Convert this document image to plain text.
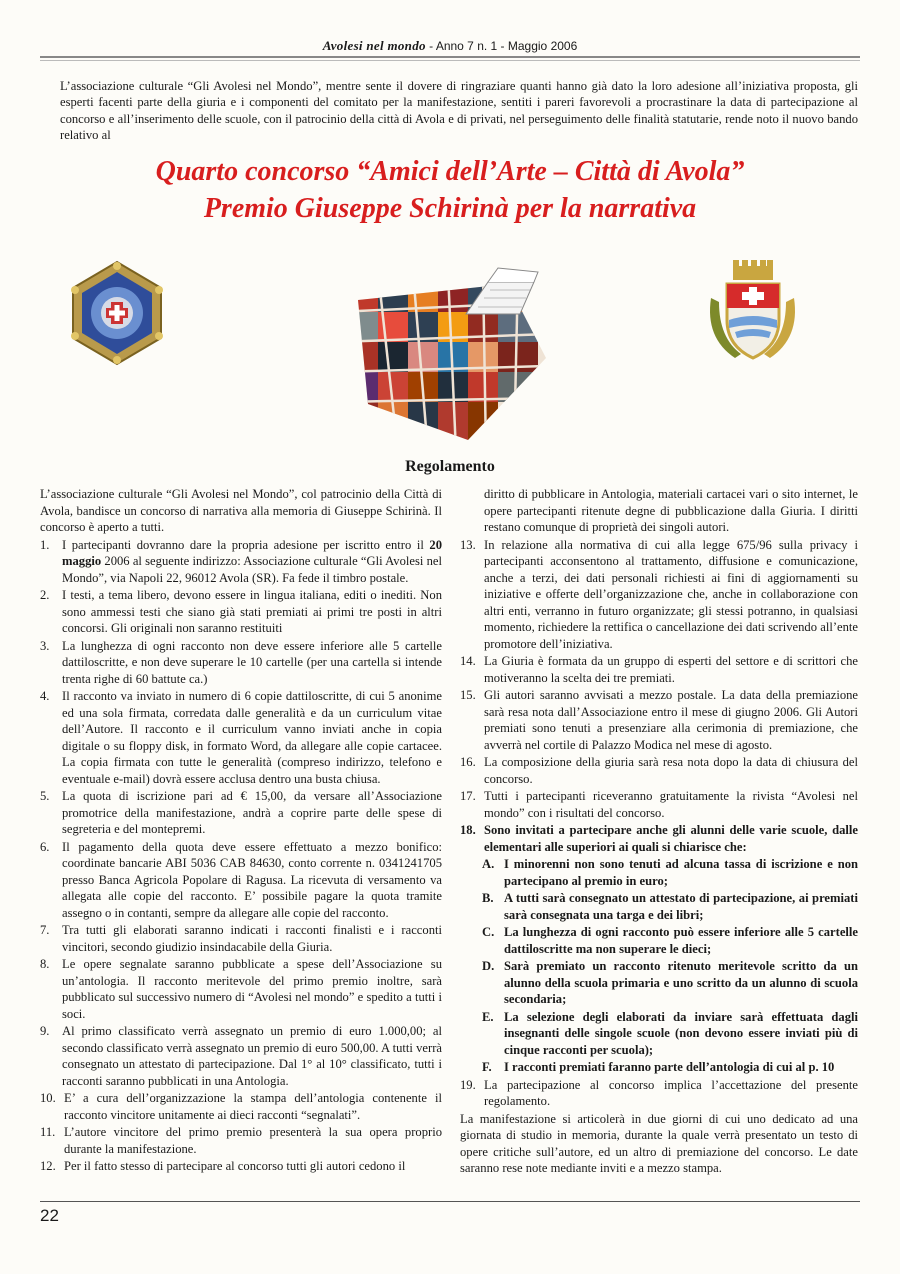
Avolesi nel mondo - Anno 7 n. 1 - Maggio 2006

L’associazione culturale “Gli Avolesi nel Mondo”, mentre sente il dovere di ringraziare quanti hanno già dato la loro adesione all’iniziativa proposta, gli esperti facenti parte della giuria e i componenti del comitato per la manifestazione, sentiti i pareri favorevoli a procrastinare la data di partecipazione al concorso e all’inserimento delle scuole, con il patrocinio della città di Avola e di privati, nel perseguimento delle finalità statutarie, rende noto il nuovo bando relativo al

Quarto concorso “Amici dell’Arte – Città di Avola”
Premio Giuseppe Schirinà per la narrativa
Regolamento

L’associazione culturale “Gli Avolesi nel Mondo”, col patrocinio della Città di Avola, bandisce un concorso di narrativa alla memoria di Giuseppe Schirinà. Il concorso è aperto a tutti.

1. I partecipanti dovranno dare la propria adesione per iscritto entro il 20 maggio 2006 al seguente indirizzo: Associazione culturale “Gli Avolesi nel Mondo”, via Napoli 22, 96012 Avola (SR). Fa fede il timbro postale.
2. I testi, a tema libero, devono essere in lingua italiana, editi o inediti. Non sono ammessi testi che siano già stati premiati ai primi tre posti in altri concorsi. Gli originali non saranno restituiti
3. La lunghezza di ogni racconto non deve essere inferiore alle 5 cartelle dattiloscritte, e non deve superare le 10 cartelle (per una cartella si intende trenta righe di 60 battute ca.)
4. Il racconto va inviato in numero di 6 copie dattiloscritte, di cui 5 anonime ed una sola firmata, corredata dalle generalità e da un curriculum vitae dell’Autore. Il racconto e il curriculum vanno inviati anche in copia digitale o su floppy disk, in formato Word, da allegare alle copie cartacee. La copia firmata con tutte le generalità (compreso indirizzo, telefono e eventuale e-mail) dovrà essere acclusa dentro una busta chiusa.
5. La quota di iscrizione pari ad € 15,00, da versare all’Associazione promotrice della manifestazione, andrà a coprire parte delle spese di segreteria e del montepremi.
6. Il pagamento della quota deve essere effettuato a mezzo bonifico: coordinate bancarie ABI 5036 CAB 84630, conto corrente n. 0341241705 presso Banca Agricola Popolare di Ragusa. La ricevuta di versamento va allegata alle copie del racconto. E’ possibile pagare la quota tramite assegno o in contanti, sempre da allegare alle copie del racconto.
7. Tra tutti gli elaborati saranno indicati i racconti finalisti e i racconti vincitori, secondo giudizio insindacabile della Giuria.
8. Le opere segnalate saranno pubblicate a spese dell’Associazione su un’antologia. Il racconto meritevole del primo premio inoltre, sarà pubblicato sul successivo numero di “Avolesi nel mondo” e spedito a tutti i soci.
9. Al primo classificato verrà assegnato un premio di euro 1.000,00; al secondo classificato verrà assegnato un premio di euro 500,00. A tutti verrà consegnato un attestato di partecipazione. Dal 1° al 10° classificato, tutti i racconti saranno pubblicati in una Antologia.
10. E’ a cura dell’organizzazione la stampa dell’antologia contenente il racconto vincitore unitamente ai dieci racconti “segnalati”.
11. L’autore vincitore del primo premio presenterà la sua opera proprio durante la manifestazione.
12. Per il fatto stesso di partecipare al concorso tutti gli autori cedono il
diritto di pubblicare in Antologia, materiali cartacei vari o sito internet, le opere partecipanti ritenute degne di pubblicazione dalla Giuria. I diritti restano comunque di proprietà dei singoli autori.
13. In relazione alla normativa di cui alla legge 675/96 sulla privacy i partecipanti acconsentono al trattamento, diffusione e comunicazione, anche a terzi, dei dati personali richiesti ai fini di aggiornamenti su iniziative e offerte dell’organizzazione che, anche in collaborazione con altri enti, verranno in futuro organizzate; gli stessi potranno, in qualsiasi momento, richiedere la rettifica o cancellazione dei dati scrivendo all’ente promotore dell’iniziativa.
14. La Giuria è formata da un gruppo di esperti del settore e di scrittori che motiveranno la scelta dei tre premiati.
15. Gli autori saranno avvisati a mezzo postale. La data della premiazione sarà resa nota dall’Associazione entro il mese di giugno 2006. Gli Autori premiati sono tenuti a presenziare alla cerimonia di premiazione, che avverrà nel cortile di Palazzo Modica nel mese di agosto.
16. La composizione della giuria sarà resa nota dopo la data di chiusura del concorso.
17. Tutti i partecipanti riceveranno gratuitamente la rivista “Avolesi nel mondo” con i risultati del concorso.
18. Sono invitati a partecipare anche gli alunni delle varie scuole, dalle elementari alle superiori ai quali si chiarisce che:
A. I minorenni non sono tenuti ad alcuna tassa di iscrizione e non partecipano al premio in euro;
B. A tutti sarà consegnato un attestato di partecipazione, ai premiati sarà consegnata una targa e dei libri;
C. La lunghezza di ogni racconto può essere inferiore alle 5 cartelle dattiloscritte ma non superare le dieci;
D. Sarà premiato un racconto ritenuto meritevole scritto da un alunno della scuola primaria e uno scritto da un alunno di scuola secondaria;
E. La selezione degli elaborati da inviare sarà effettuata dagli insegnanti delle singole scuole (non devono essere inviati più di cinque racconti per scuola);
F. I racconti premiati faranno parte dell’antologia di cui al p. 10
19. La partecipazione al concorso implica l’accettazione del presente regolamento.

La manifestazione si articolerà in due giorni di cui uno dedicato ad una giornata di studio in memoria, durante la quale verrà presentato un testo di opere critiche sull’autore, ed un altro di premiazione del concorso. Le date saranno rese note mediante inviti e a mezzo stampa.

22
